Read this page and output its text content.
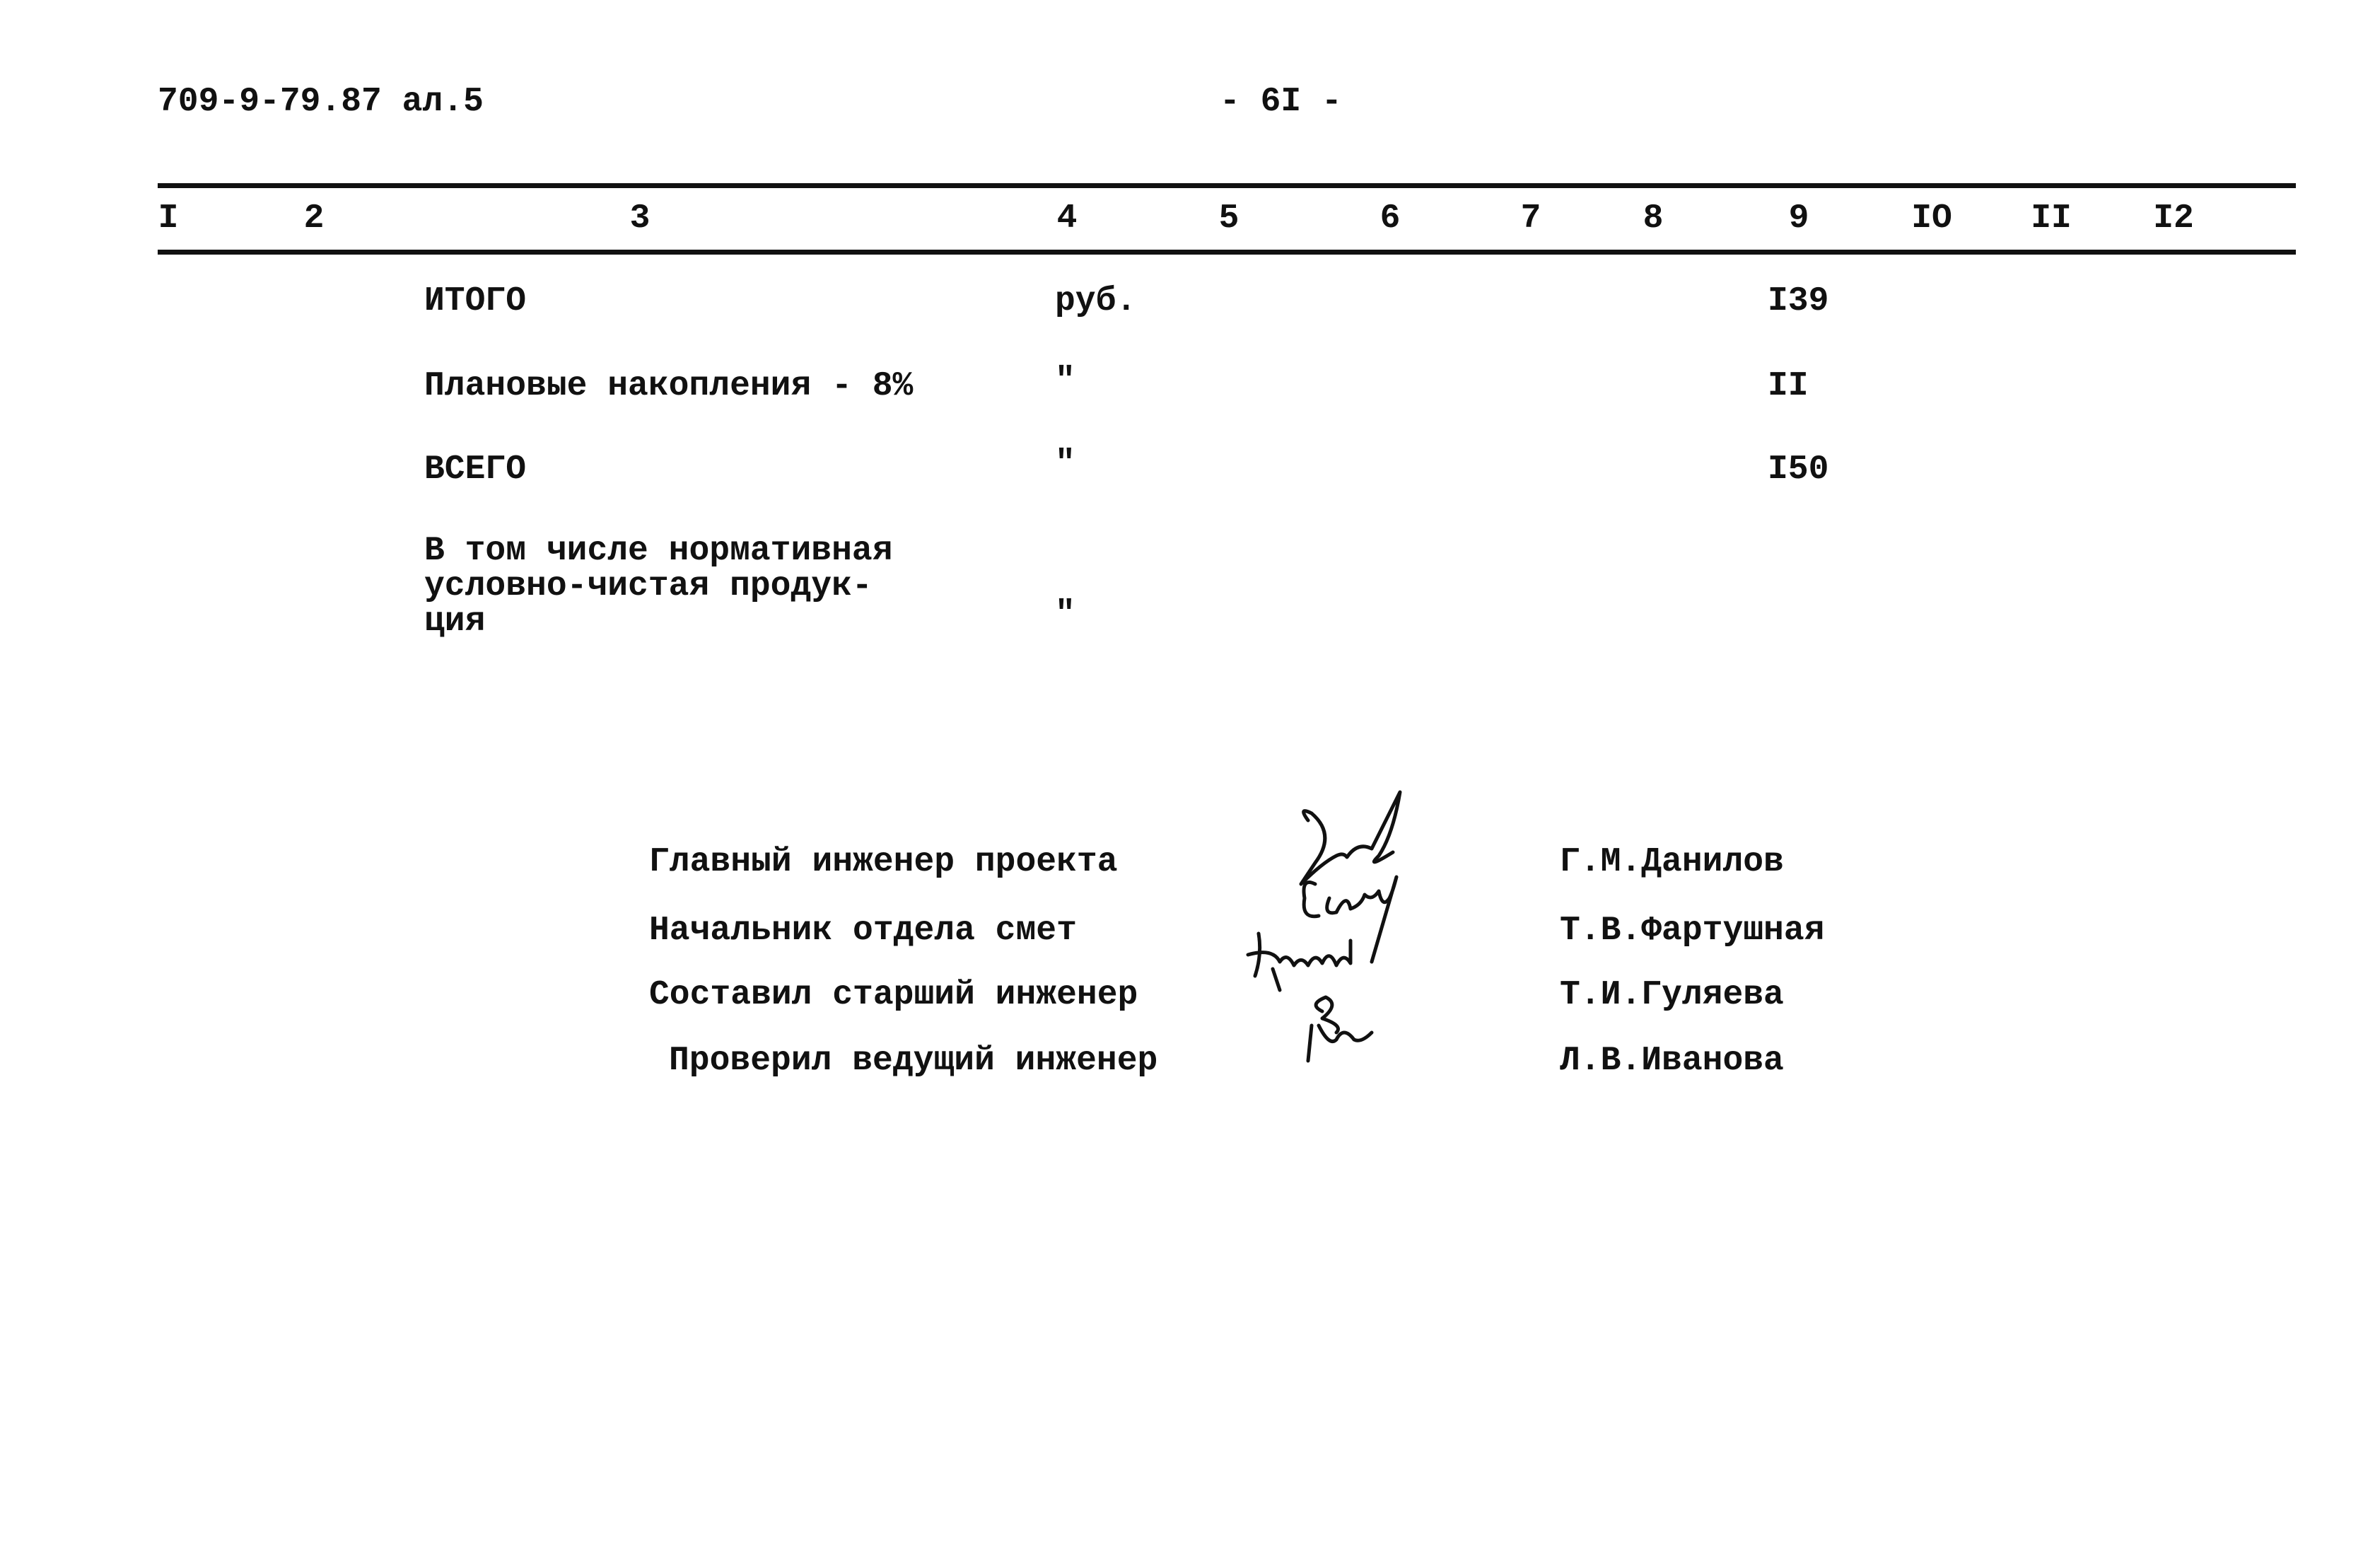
709-9-79.87 ал.5	- 6I -
I	2	3	4	5	6	7	8	9	IO II I2
ИТОГО	руб.	I39
Плановые накопления - 8%	"	II
ВСЕГО	"	I50
В том числе нормативная
условно-чистая продук-
ция	"
Главный инженер проекта	Г.М.Данилов
Начальник отдела смет	Т.В.Фартушная
Составил старший инженер	Т.И.Гуляева
Проверил ведущий инженер	Л.В.Иванова
